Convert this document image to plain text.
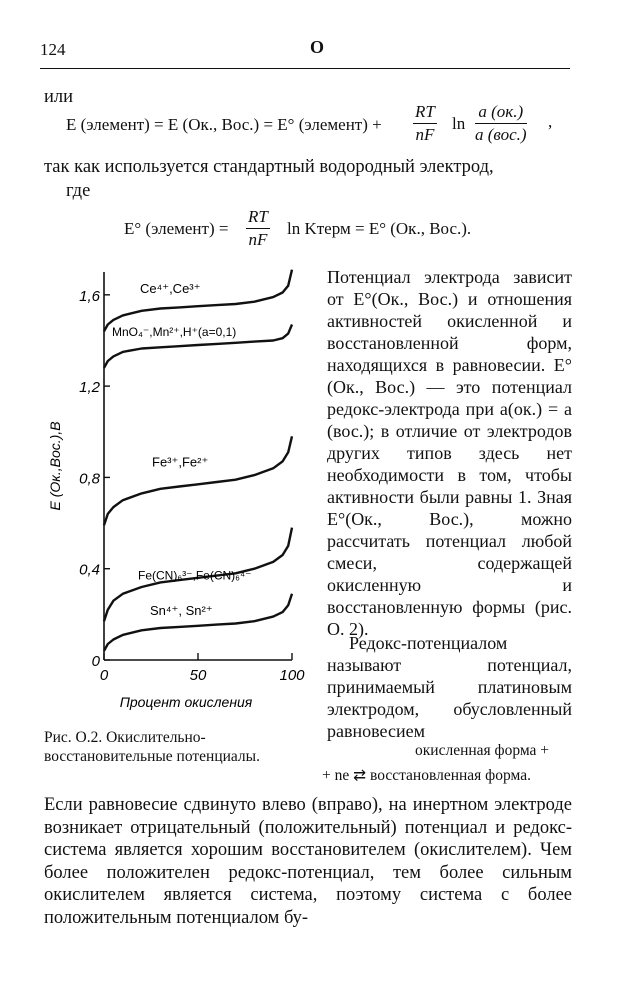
124	О
или
E (элемент) = E (Ок., Вос.) = E° (элемент) + $\frac{RT}{nF}$ ln
a (ок.)
a (вос.)
,
так как используется стандартный водородный электрод,
где
E° (элемент) = $\frac{RT}{nF}$ ln Kтерм = E° (Ок., Вос.).
0
0,4
0,8
1,2
1,6
0	50	100
E (Ок.,Вос.),В
Процент окисления
Ce⁴⁺,Ce³⁺
MnO₄⁻,Mn²⁺,H⁺(a=0,1)
Fe³⁺,Fe²⁺
Fe(CN)₆³⁻,Fe(CN)₆⁴⁻
Sn⁴⁺, Sn²⁺
Потенциал электрода зависит от E°(Ок., Вос.) и отношения активностей окисленной и восстановленной форм, находящихся в равновесии. E°(Ок., Вос.) — это потенциал редокс-электрода при a(ок.) = a (вос.); в отличие от электродов других типов здесь нет необходимости в том, чтобы активности были равны 1. Зная E°(Ок., Вос.), можно рассчитать потенциал любой смеси, содержащей окисленную и восстановленную формы (рис. О. 2).
Редокс-потенциалом называют потенциал, принимаемый платиновым электродом, обусловленный равновесием
окисленная форма +
+ ne ⇄ восстановленная форма.
Рис. О.2. Окислительно-восстановительные потенциалы.
Если равновесие сдвинуто влево (вправо), на инертном электроде возникает отрицательный (положительный) потенциал и редокс-система является хорошим восстановителем (окислителем). Чем более положителен редокс-потенциал, тем более сильным окислителем является система, поэтому система с более положительным потенциалом бу-
